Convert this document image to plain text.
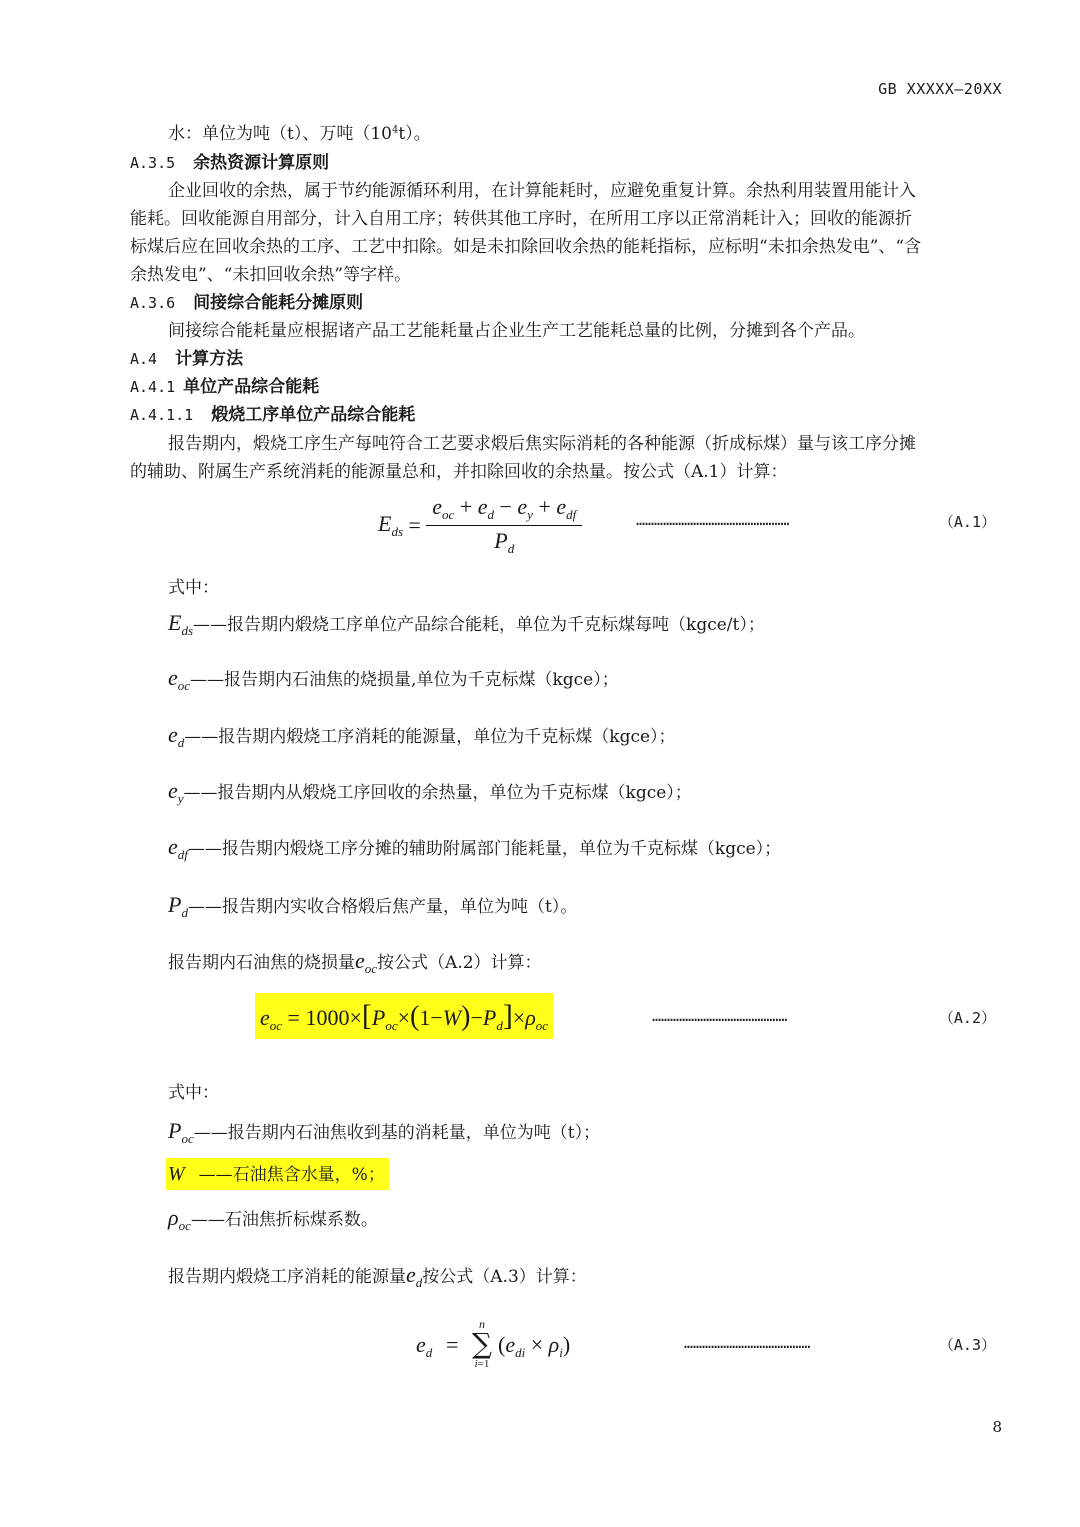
GB XXXXX—20XX
水：单位为吨（t）、万吨$(10^4t)$。
A.3.5 余热资源计算原则
企业回收的余热，属于节约能源循环利用，在计算能耗时，应避免重复计算。余热利用装置用能计入
能耗。回收能源自用部分，计入自用工序；转供其他工序时，在所用工序以正常消耗计入；回收的能源折
标煤后应在回收余热的工序、工艺中扣除。如是未扣除回收余热的能耗指标，应标明“未扣余热发电”、“含
余热发电”、“未扣回收余热”等字样。
A.3.6 间接综合能耗分摊原则
间接综合能耗量应根据诸产品工艺能耗量占企业生产工艺能耗总量的比例，分摊到各个产品。
A.4 计算方法
A.4.1 单位产品综合能耗
A.4.1.1 煅烧工序单位产品综合能耗
报告期内，煅烧工序生产每吨符合工艺要求煅后焦实际消耗的各种能源（折成标煤）量与该工序分摊
的辅助、附属生产系统消耗的能源量总和，并扣除回收的余热量。按公式（A.1）计算：
$E_{ds} = \frac{e_{oc} + e_d - e_y + e_{df}}{P_d}$	……………………………………………	（A.1）
式中：
$E_{ds}——$报告期内煅烧工序单位产品综合能耗，单位为千克标煤每吨（kgce/t）；
$e_{oc}——$报告期内石油焦的烧损量,单位为千克标煤（kgce）；
$e_d——$报告期内煅烧工序消耗的能源量，单位为千克标煤（kgce）；
$e_y——$报告期内从煅烧工序回收的余热量，单位为千克标煤（kgce）；
$e_{df}——$报告期内煅烧工序分摊的辅助附属部门能耗量，单位为千克标煤（kgce）；
$P_d——$报告期内实收合格煅后焦产量，单位为吨（t）。
报告期内石油焦的烧损量$e_{oc}$按公式（A.2）计算：
$e_{oc} = 1000\times[P_{oc}\times(1-W)-P_d]\times\rho_{oc}$
………………………………………	（A.2）
式中：
$P_{oc}——$报告期内石油焦收到基的消耗量，单位为吨（t）；
W ——石油焦含水量，%；
$\rho_{oc}——$石油焦折标煤系数。
报告期内煅烧工序消耗的能源量$e_d$按公式（A.3）计算：
$e_d$ =
n
∑
i=1
$(e_{di} \times \rho_i)$	……………………………………	（A.3）
8
